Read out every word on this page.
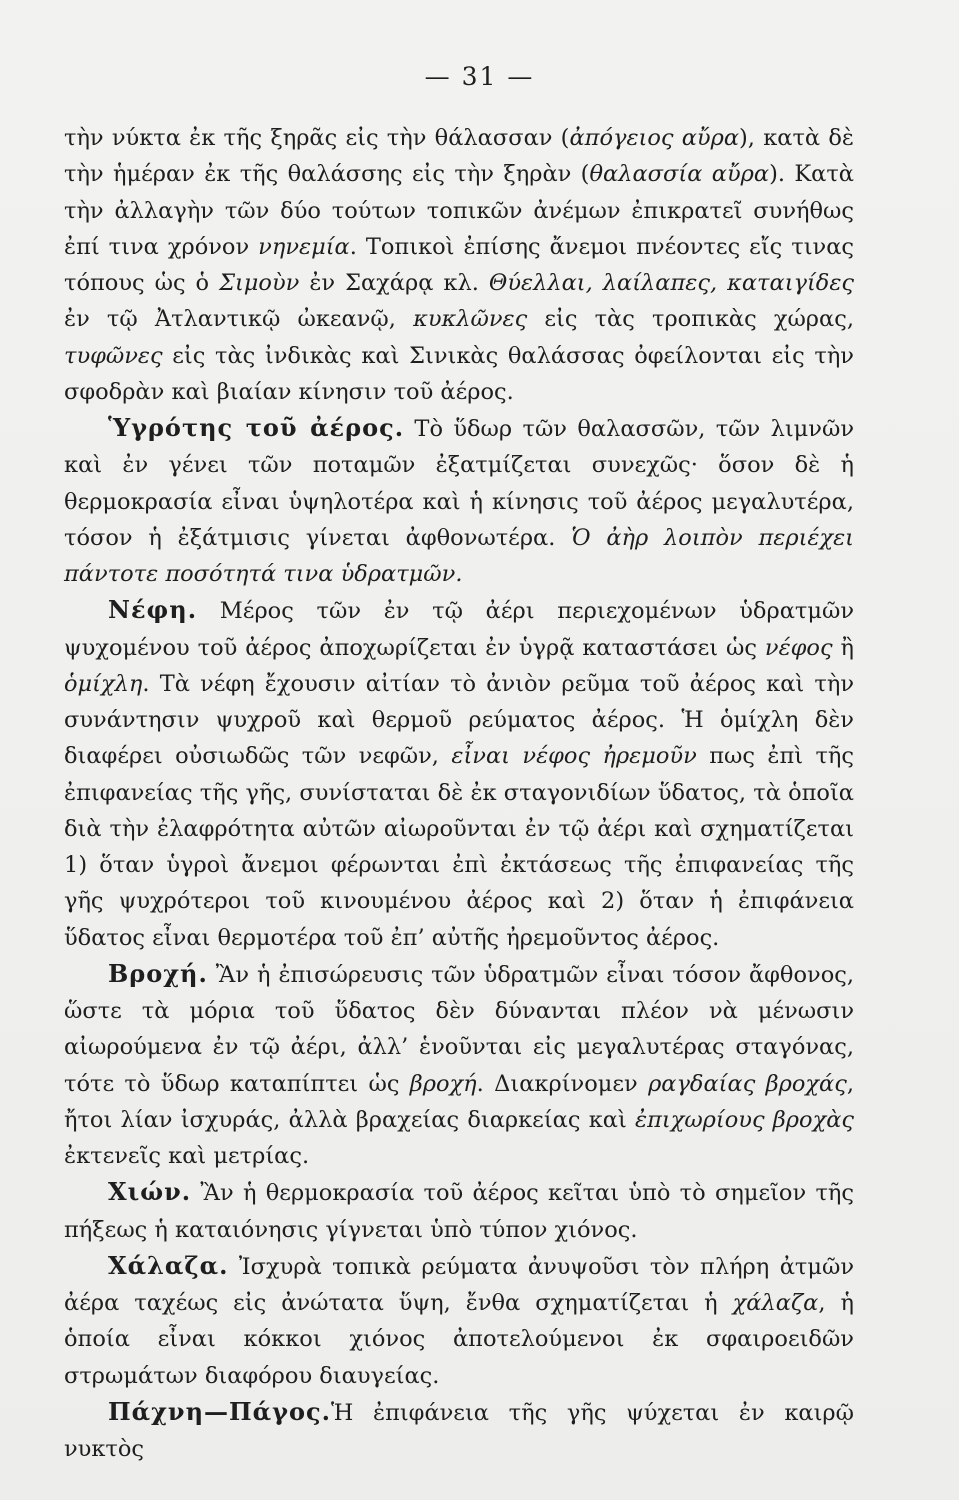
— 31 —

τὴν νύκτα ἐκ τῆς ξηρᾶς εἰς τὴν θάλασσαν (ἀπόγειος αὔρα), κατὰ δὲ τὴν ἡμέραν ἐκ τῆς θαλάσσης εἰς τὴν ξηρὰν (θαλασσία αὔρα). Κατὰ τὴν ἀλλαγὴν τῶν δύο τούτων τοπικῶν ἀνέμων ἐπικρατεῖ συνήθως ἐπί τινα χρόνον νηνεμία. Τοπικοὶ ἐπίσης ἄνεμοι πνέοντες εἴς τινας τόπους ὡς ὁ Σιμοὺν ἐν Σαχάρᾳ κλ. Θύελλαι, λαίλαπες, καταιγίδες ἐν τῷ Ἀτλαντικῷ ὠκεανῷ, κυκλῶνες εἰς τὰς τροπικὰς χώρας, τυφῶνες εἰς τὰς ἰνδικὰς καὶ Σινικὰς θαλάσσας ὀφείλονται εἰς τὴν σφοδρὰν καὶ βιαίαν κίνησιν τοῦ ἀέρος.

Ὑγρότης τοῦ ἀέρος. Τὸ ὕδωρ τῶν θαλασσῶν, τῶν λιμνῶν καὶ ἐν γένει τῶν ποταμῶν ἐξατμίζεται συνεχῶς· ὅσον δὲ ἡ θερμοκρασία εἶναι ὑψηλοτέρα καὶ ἡ κίνησις τοῦ ἀέρος μεγαλυτέρα, τόσον ἡ ἐξάτμισις γίνεται ἀφθονωτέρα. Ὁ ἀὴρ λοιπὸν περιέχει πάντοτε ποσότητά τινα ὑδρατμῶν.

Νέφη. Μέρος τῶν ἐν τῷ ἀέρι περιεχομένων ὑδρατμῶν ψυχομένου τοῦ ἀέρος ἀποχωρίζεται ἐν ὑγρᾷ καταστάσει ὡς νέφος ἢ ὁμίχλη. Τὰ νέφη ἔχουσιν αἰτίαν τὸ ἀνιὸν ρεῦμα τοῦ ἀέρος καὶ τὴν συνάντησιν ψυχροῦ καὶ θερμοῦ ρεύματος ἀέρος. Ἡ ὁμίχλη δὲν διαφέρει οὐσιωδῶς τῶν νεφῶν, εἶναι νέφος ἠρεμοῦν πως ἐπὶ τῆς ἐπιφανείας τῆς γῆς, συνίσταται δὲ ἐκ σταγονιδίων ὕδατος, τὰ ὁποῖα διὰ τὴν ἐλαφρότητα αὐτῶν αἰωροῦνται ἐν τῷ ἀέρι καὶ σχηματίζεται 1) ὅταν ὑγροὶ ἄνεμοι φέρωνται ἐπὶ ἐκτάσεως τῆς ἐπιφανείας τῆς γῆς ψυχρότεροι τοῦ κινουμένου ἀέρος καὶ 2) ὅταν ἡ ἐπιφάνεια ὕδατος εἶναι θερμοτέρα τοῦ ἐπ’ αὐτῆς ἠρεμοῦντος ἀέρος.

Βροχή. Ἂν ἡ ἐπισώρευσις τῶν ὑδρατμῶν εἶναι τόσον ἄφθονος, ὥστε τὰ μόρια τοῦ ὕδατος δὲν δύνανται πλέον νὰ μένωσιν αἰωρούμενα ἐν τῷ ἀέρι, ἀλλ’ ἑνοῦνται εἰς μεγαλυτέρας σταγόνας, τότε τὸ ὕδωρ καταπίπτει ὡς βροχή. Διακρίνομεν ραγδαίας βροχάς, ἤτοι λίαν ἰσχυράς, ἀλλὰ βραχείας διαρκείας καὶ ἐπιχωρίους βροχὰς ἐκτενεῖς καὶ μετρίας.

Χιών. Ἂν ἡ θερμοκρασία τοῦ ἀέρος κεῖται ὑπὸ τὸ σημεῖον τῆς πήξεως ἡ καταιόνησις γίγνεται ὑπὸ τύπον χιόνος.

Χάλαζα. Ἰσχυρὰ τοπικὰ ρεύματα ἀνυψοῦσι τὸν πλήρη ἀτμῶν ἀέρα ταχέως εἰς ἀνώτατα ὕψη, ἔνθα σχηματίζεται ἡ χάλαζα, ἡ ὁποία εἶναι κόκκοι χιόνος ἀποτελούμενοι ἐκ σφαιροειδῶν στρωμάτων διαφόρου διαυγείας.

Πάχνη—Πάγος.Ἡ ἐπιφάνεια τῆς γῆς ψύχεται ἐν καιρῷ νυκτὸς
